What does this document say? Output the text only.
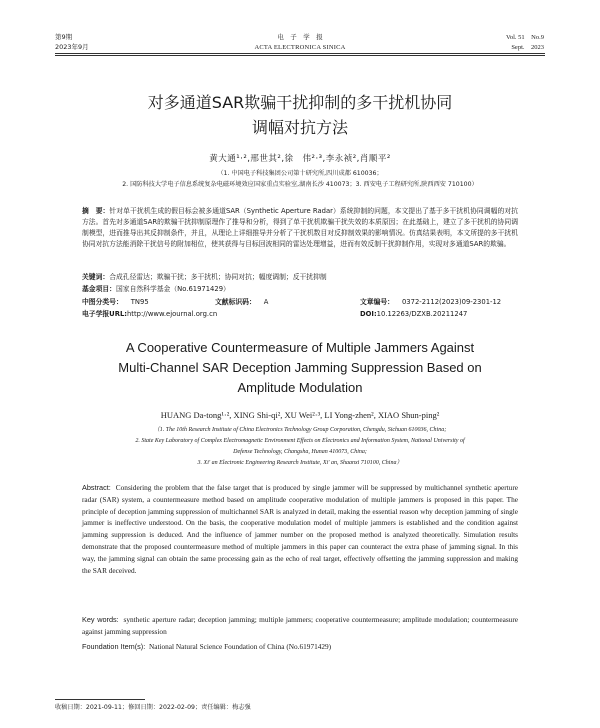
第9期
2023年9月
电　子　学　报
ACTA ELECTRONICA SINICA
Vol. 51　No.9
Sept.　2023
对多通道SAR欺骗干扰抑制的多干扰机协同
调幅对抗方法
黄大通¹·²,邢世其²,徐　伟²·³,李永祯²,肖顺平²
（1. 中国电子科技集团公司第十研究所,四川成都 610036；
2. 国防科技大学电子信息系统复杂电磁环境效应国家重点实验室,湖南长沙 410073；3. 西安电子工程研究所,陕西西安 710100）
摘　要：针对单干扰机生成的假目标会被多通道SAR（Synthetic Aperture Radar）系统抑制的问题，本文提出了基于多干扰机协同调幅的对抗方法。首先对多通道SAR的欺骗干扰抑制原理作了推导和分析，得到了单干扰机欺骗干扰失效的本质原因；在此基础上，建立了多干扰机的协同调制模型，进而推导出其反抑制条件，并且，从理论上详细推导并分析了干扰机数目对反抑制效果的影响情况。仿真结果表明，本文所提的多干扰机协同对抗方法能消除干扰信号的附加相位，使其获得与目标回波相同的雷达处理增益，进而有效反制干扰抑制作用，实现对多通道SAR的欺骗。
关键词：合成孔径雷达；欺骗干扰；多干扰机；协同对抗；幅度调制；反干扰抑制
基金项目：国家自然科学基金（No.61971429）
中图分类号： TN95	文献标识码： A	文章编号： 0372-2112(2023)09-2301-12
电子学报URL:http://www.ejournal.org.cn	DOI:10.12263/DZXB.20211247
A Cooperative Countermeasure of Multiple Jammers Against
Multi-Channel SAR Deception Jamming Suppression Based on
Amplitude Modulation
HUANG Da-tong¹·², XING Shi-qi², XU Wei²·³, LI Yong-zhen², XIAO Shun-ping²
（1. The 10th Research Institute of China Electronics Technology Group Corporation, Chengdu, Sichuan 610036, China;
2. State Key Laboratory of Complex Electromagnetic Environment Effects on Electronics and Information System, National University of
Defense Technology, Changsha, Hunan 410073, China;
3. Xi' an Electronic Engineering Research Institute, Xi' an, Shaanxi 710100, China）
Abstract: Considering the problem that the false target that is produced by single jammer will be suppressed by multichannel synthetic aperture radar (SAR) system, a countermeasure method based on amplitude cooperative modulation of multiple jammers is proposed in this paper. The principle of deception jamming suppression of multichannel SAR is analyzed in detail, making the essential reason why deception jamming of single jammer is ineffective understood. On the basis, the cooperative modulation model of multiple jammers is established and the condition against jamming suppression is deduced. And the influence of jammer number on the proposed method is analyzed theoretically. Simulation results demonstrate that the proposed countermeasure method of multiple jammers in this paper can counteract the extra phase of jamming signal. In this way, the jamming signal can obtain the same processing gain as the echo of real target, effectively offsetting the jamming suppression and making the SAR deceived.
Key words: synthetic aperture radar; deception jamming; multiple jammers; cooperative countermeasure; amplitude modulation; countermeasure against jamming suppression
Foundation Item(s): National Natural Science Foundation of China (No.61971429)
收稿日期：2021-09-11；修回日期：2022-02-09；责任编辑：梅志强
